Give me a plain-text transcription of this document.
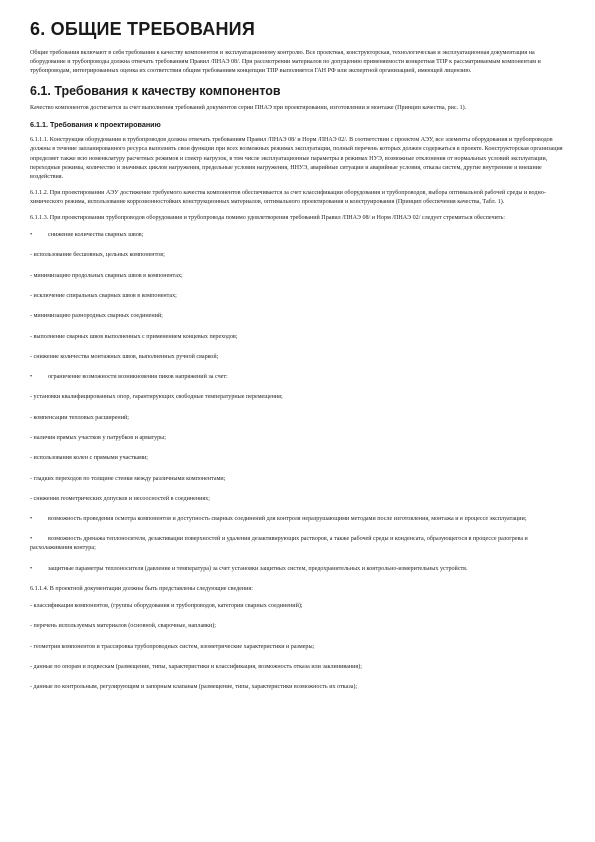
6. ОБЩИЕ ТРЕБОВАНИЯ

Общие требования включают в себя требования к качеству компонентов и эксплуатационному контролю. Все проектная, конструкторская, технологическая и эксплуатационная документация на оборудование и трубопроводы должна отвечать требованиям Правил /ПНАЭ 08/. При рассмотрении материалов по допущению применяемости конкретная ТПР к рассматриваемым компонентам и трубопроводам, интегрированных оценка их соответствия общим требованиям концепции ТПР выполняется ГАН РФ или экспертной организацией, имеющей лицензию.

6.1. Требования к качеству компонентов

Качество компонентов достигается за счет выполнения требований документов серии ПНАЭ при проектировании, изготовлении и монтаже (Принцип качества, рис. 1).

6.1.1. Требования к проектированию

6.1.1.1. Конструкция оборудования и трубопроводов должна отвечать требованиям Правил /ПНАЭ 08/ и Норм /ПНАЭ 02/. В соответствии с проектом АЭУ, все элементы оборудования и трубопроводов должны в течение запланированного ресурса выполнять свои функции при всех возможных режимах эксплуатации, полный перечень которых должен содержаться в проекте. Конструкторская организация определяет также всю номенклатуру расчетных режимов и спектр нагрузок, в том числе эксплуатационные параметры в режимах НУЭ, возможные отклонения от нормальных условий эксплуатации, переходные режимы, количество и значимых циклов нагружения, предельные условия нагружения, ННУЭ, аварийные ситуации и аварийные условия, отказы систем, другие внутренние и внешние воздействия.

6.1.1.2. При проектировании АЭУ достижение требуемого качества компонентов обеспечивается за счет классификации оборудования и трубопроводов, выбора оптимальной рабочей среды и водно-химического режима, использование коррозионностойких конструкционных материалов, оптимального проектирования и конструирования (Принцип обеспечения качества, Табл. 1).

6.1.1.3. При проектировании трубопроводов оборудования и трубопровода помимо удовлетворения требований Правил /ПНАЭ 08/ и Норм /ПНАЭ 02/ следует стремиться обеспечить:

•	снижение количества сварных швов;

- использование бесшовных, цельных компонентов;

- минимизацию продольных сварных швов в компонентах;

- исключение спиральных сварных швов в компонентах;

- минимизацию разнородных сварных соединений;

- выполнение сварных швов выполненных с применением концевых переходов;

- снижение количества монтажных швов, выполненных ручной сваркой;

•	ограничение возможности возникновения пиков напряжений за счет:

- установки квалифицированных опор, гарантирующих свободные температурные перемещения;

- компенсации тепловых расширений;

- наличия прямых участков у патрубков и арматуры;

- использования колен с прямыми участками;

- гладких переходов по толщине стенки между различными компонентами;

- снижения геометрических допусков и несоосностей в соединениях;

•	возможность проведения осмотра компонентов и доступность сварных соединений для контроля неразрушающими методами после изготовления, монтажа и в процессе эксплуатации;

•	возможность дренажа теплоносителя, дезактивации поверхностей и удаления дезактивирующих растворов, а также рабочей среды и конденсата, образующегося в процессе разогрева и расхолаживания контура;

•	защитные параметры теплоносителя (давление и температура) за счет установки защитных систем, предохранительных и контрольно-измерительных устройств.

6.1.1.4. В проектной документации должны быть представлены следующие сведения:

- классификация компонентов, (группы оборудования и трубопроводов, категории сварных соединений);

- перечень используемых материалов (основной, сварочные, наплавки);

- геометрия компонентов и трассировка трубопроводных систем, изометрические характеристики и размеры;

- данные по опорам и подвескам (размещение, типы, характеристики и классификация, возможность отказа или заклинивания);

- данные по контрольным, регулирующим и запорным клапанам (размещение, типы, характеристики возможность их отказа);
